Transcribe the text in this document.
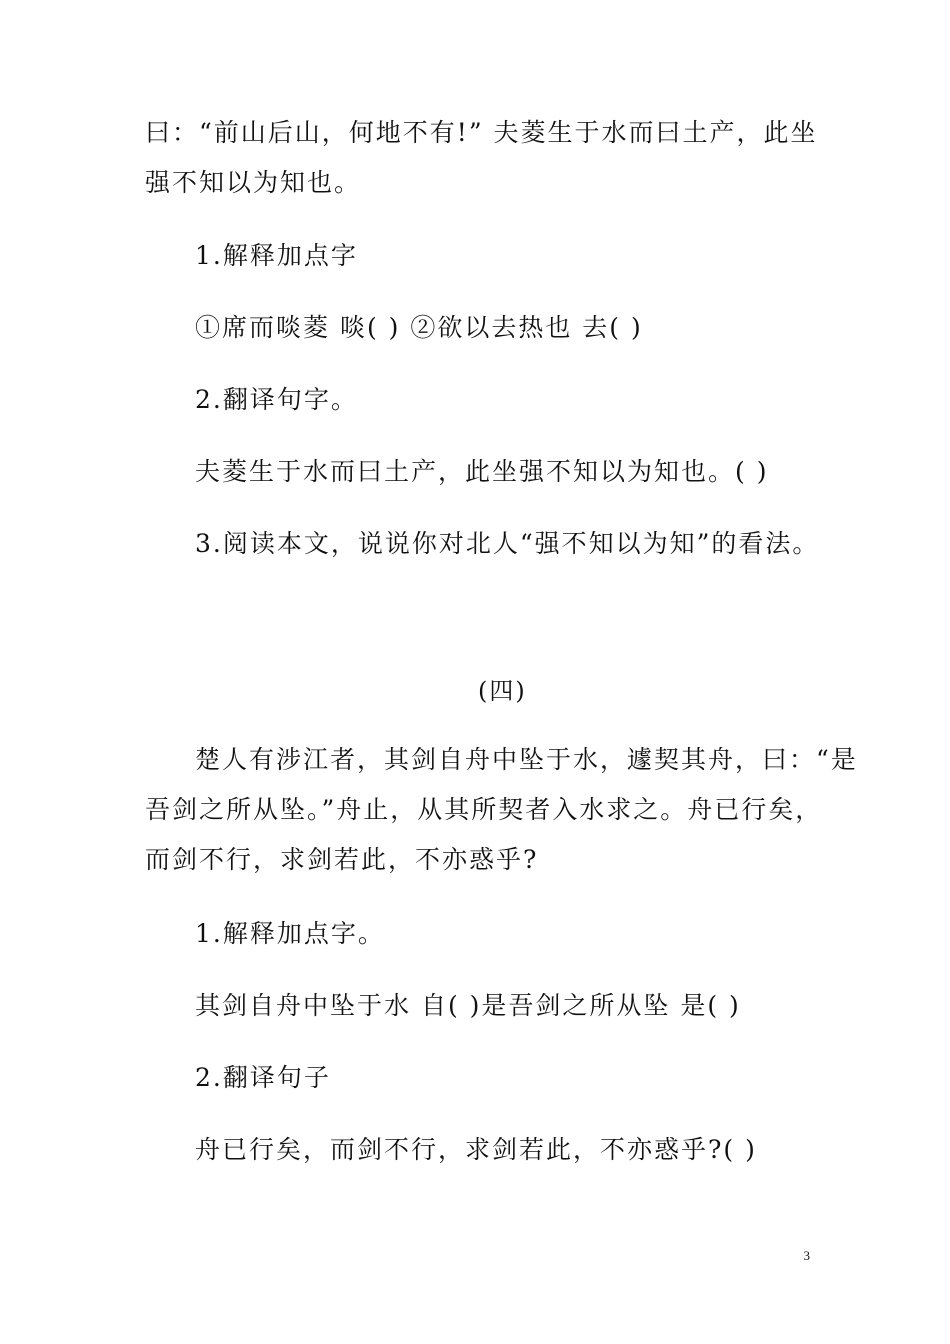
曰：“前山后山，何地不有!” 夫菱生于水而曰土产，此坐
强不知以为知也。
1.解释加点字
①席而啖菱 啖( ) ②欲以去热也 去( )
2.翻译句字。
夫菱生于水而曰土产，此坐强不知以为知也。( )
3.阅读本文，说说你对北人“强不知以为知”的看法。
(四)
楚人有涉江者，其剑自舟中坠于水，遽契其舟，曰：“是
吾剑之所从坠。”舟止，从其所契者入水求之。舟已行矣，
而剑不行，求剑若此，不亦惑乎?
1.解释加点字。
其剑自舟中坠于水 自( )是吾剑之所从坠 是( )
2.翻译句子
舟已行矣，而剑不行，求剑若此，不亦惑乎?( )
3
